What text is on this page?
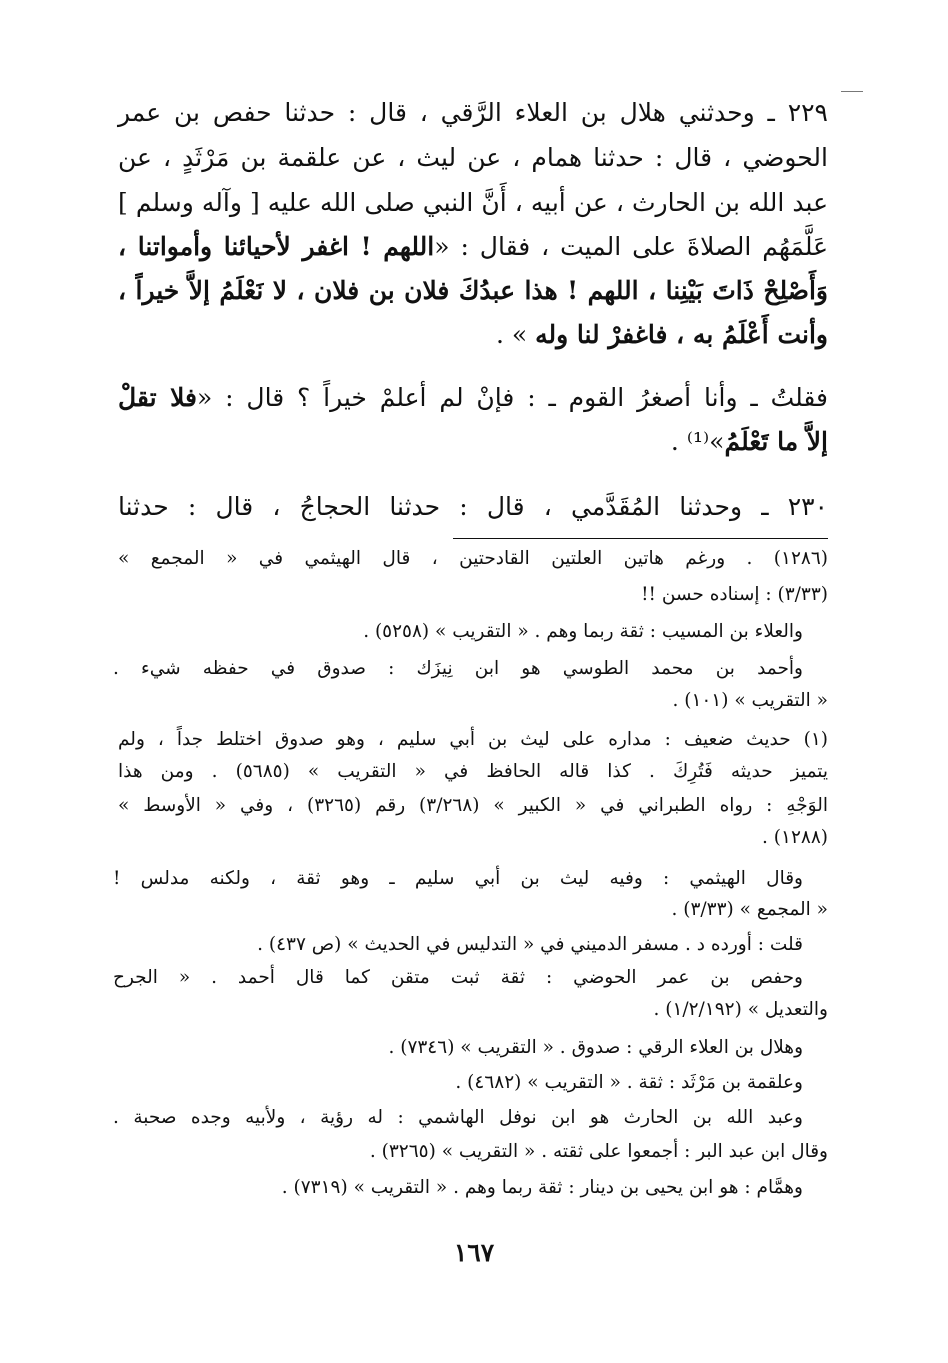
٢٢٩ ـ وحدثني هلال بن العلاء الرَّقي ، قال : حدثنا حفص بن عمر
الحوضي ، قال : حدثنا همام ، عن ليث ، عن علقمة بن مَرْثَدٍ ، عن
عبد الله بن الحارث ، عن أبيه ، أَنَّ النبي صلى الله عليه [ وآله وسلم ]
عَلَّمَهُم الصلاةَ على الميت ، فقال : «اللهم ! اغفر لأحيائنا وأمواتنا ،
وَأَصْلِحْ ذَاتَ بَيْنِنا ، اللهم ! هذا عبدُكَ فلان بن فلان ، لا نَعْلَمُ إلاَّ خيراً ،
وأنت أَعْلَمُ به ، فاغفرْ لنا وله » .
فقلتُ ـ وأنا أصغرُ القوم ـ : فإنْ لم أعلمْ خيراً ؟ قال : «فلا تقلْ
إلاَّ ما تَعْلَمُ»⁽¹⁾ .
٢٣٠ ـ وحدثنا المُقَدَّمي ، قال : حدثنا الحجاجُ ، قال : حدثنا
(١٢٨٦) . ورغم هاتين العلتين القادحتين ، قال الهيثمي في « المجمع »
(٣/٣٣) : إسناده حسن !!
والعلاء بن المسيب : ثقة ربما وهم . « التقريب » (٥٢٥٨) .
وأحمد بن محمد الطوسي هو ابن نِيزَك : صدوق في حفظه شيء .
« التقريب » (١٠١) .
(١) حديث ضعيف : مداره على ليث بن أبي سليم ، وهو صدوق اختلط جداً ، ولم
يتميز حديثه فَتُرِكَ . كذا قاله الحافظ في « التقريب » (٥٦٨٥) . ومن هذا
الوَجْهِ : رواه الطبراني في « الكبير » (٣/٢٦٨) رقم (٣٢٦٥) ، وفي « الأوسط »
(١٢٨٨) .
وقال الهيثمي : وفيه ليث بن أبي سليم ـ وهو ثقة ، ولكنه مدلس !
« المجمع » (٣/٣٣) .
قلت : أورده د . مسفر الدميني في « التدليس في الحديث » (ص ٤٣٧) .
وحفص بن عمر الحوضي : ثقة ثبت متقن كما قال أحمد . « الجرح
والتعديل » (١/٢/١٩٢) .
وهلال بن العلاء الرقي : صدوق . « التقريب » (٧٣٤٦) .
وعلقمة بن مَرْثَد : ثقة . « التقريب » (٤٦٨٢) .
وعبد الله بن الحارث هو ابن نوفل الهاشمي : له رؤية ، ولأبيه وجده صحبة .
وقال ابن عبد البر : أجمعوا على ثقته . « التقريب » (٣٢٦٥) .
وهمَّام : هو ابن يحيى بن دينار : ثقة ربما وهم . « التقريب » (٧٣١٩) .
١٦٧
